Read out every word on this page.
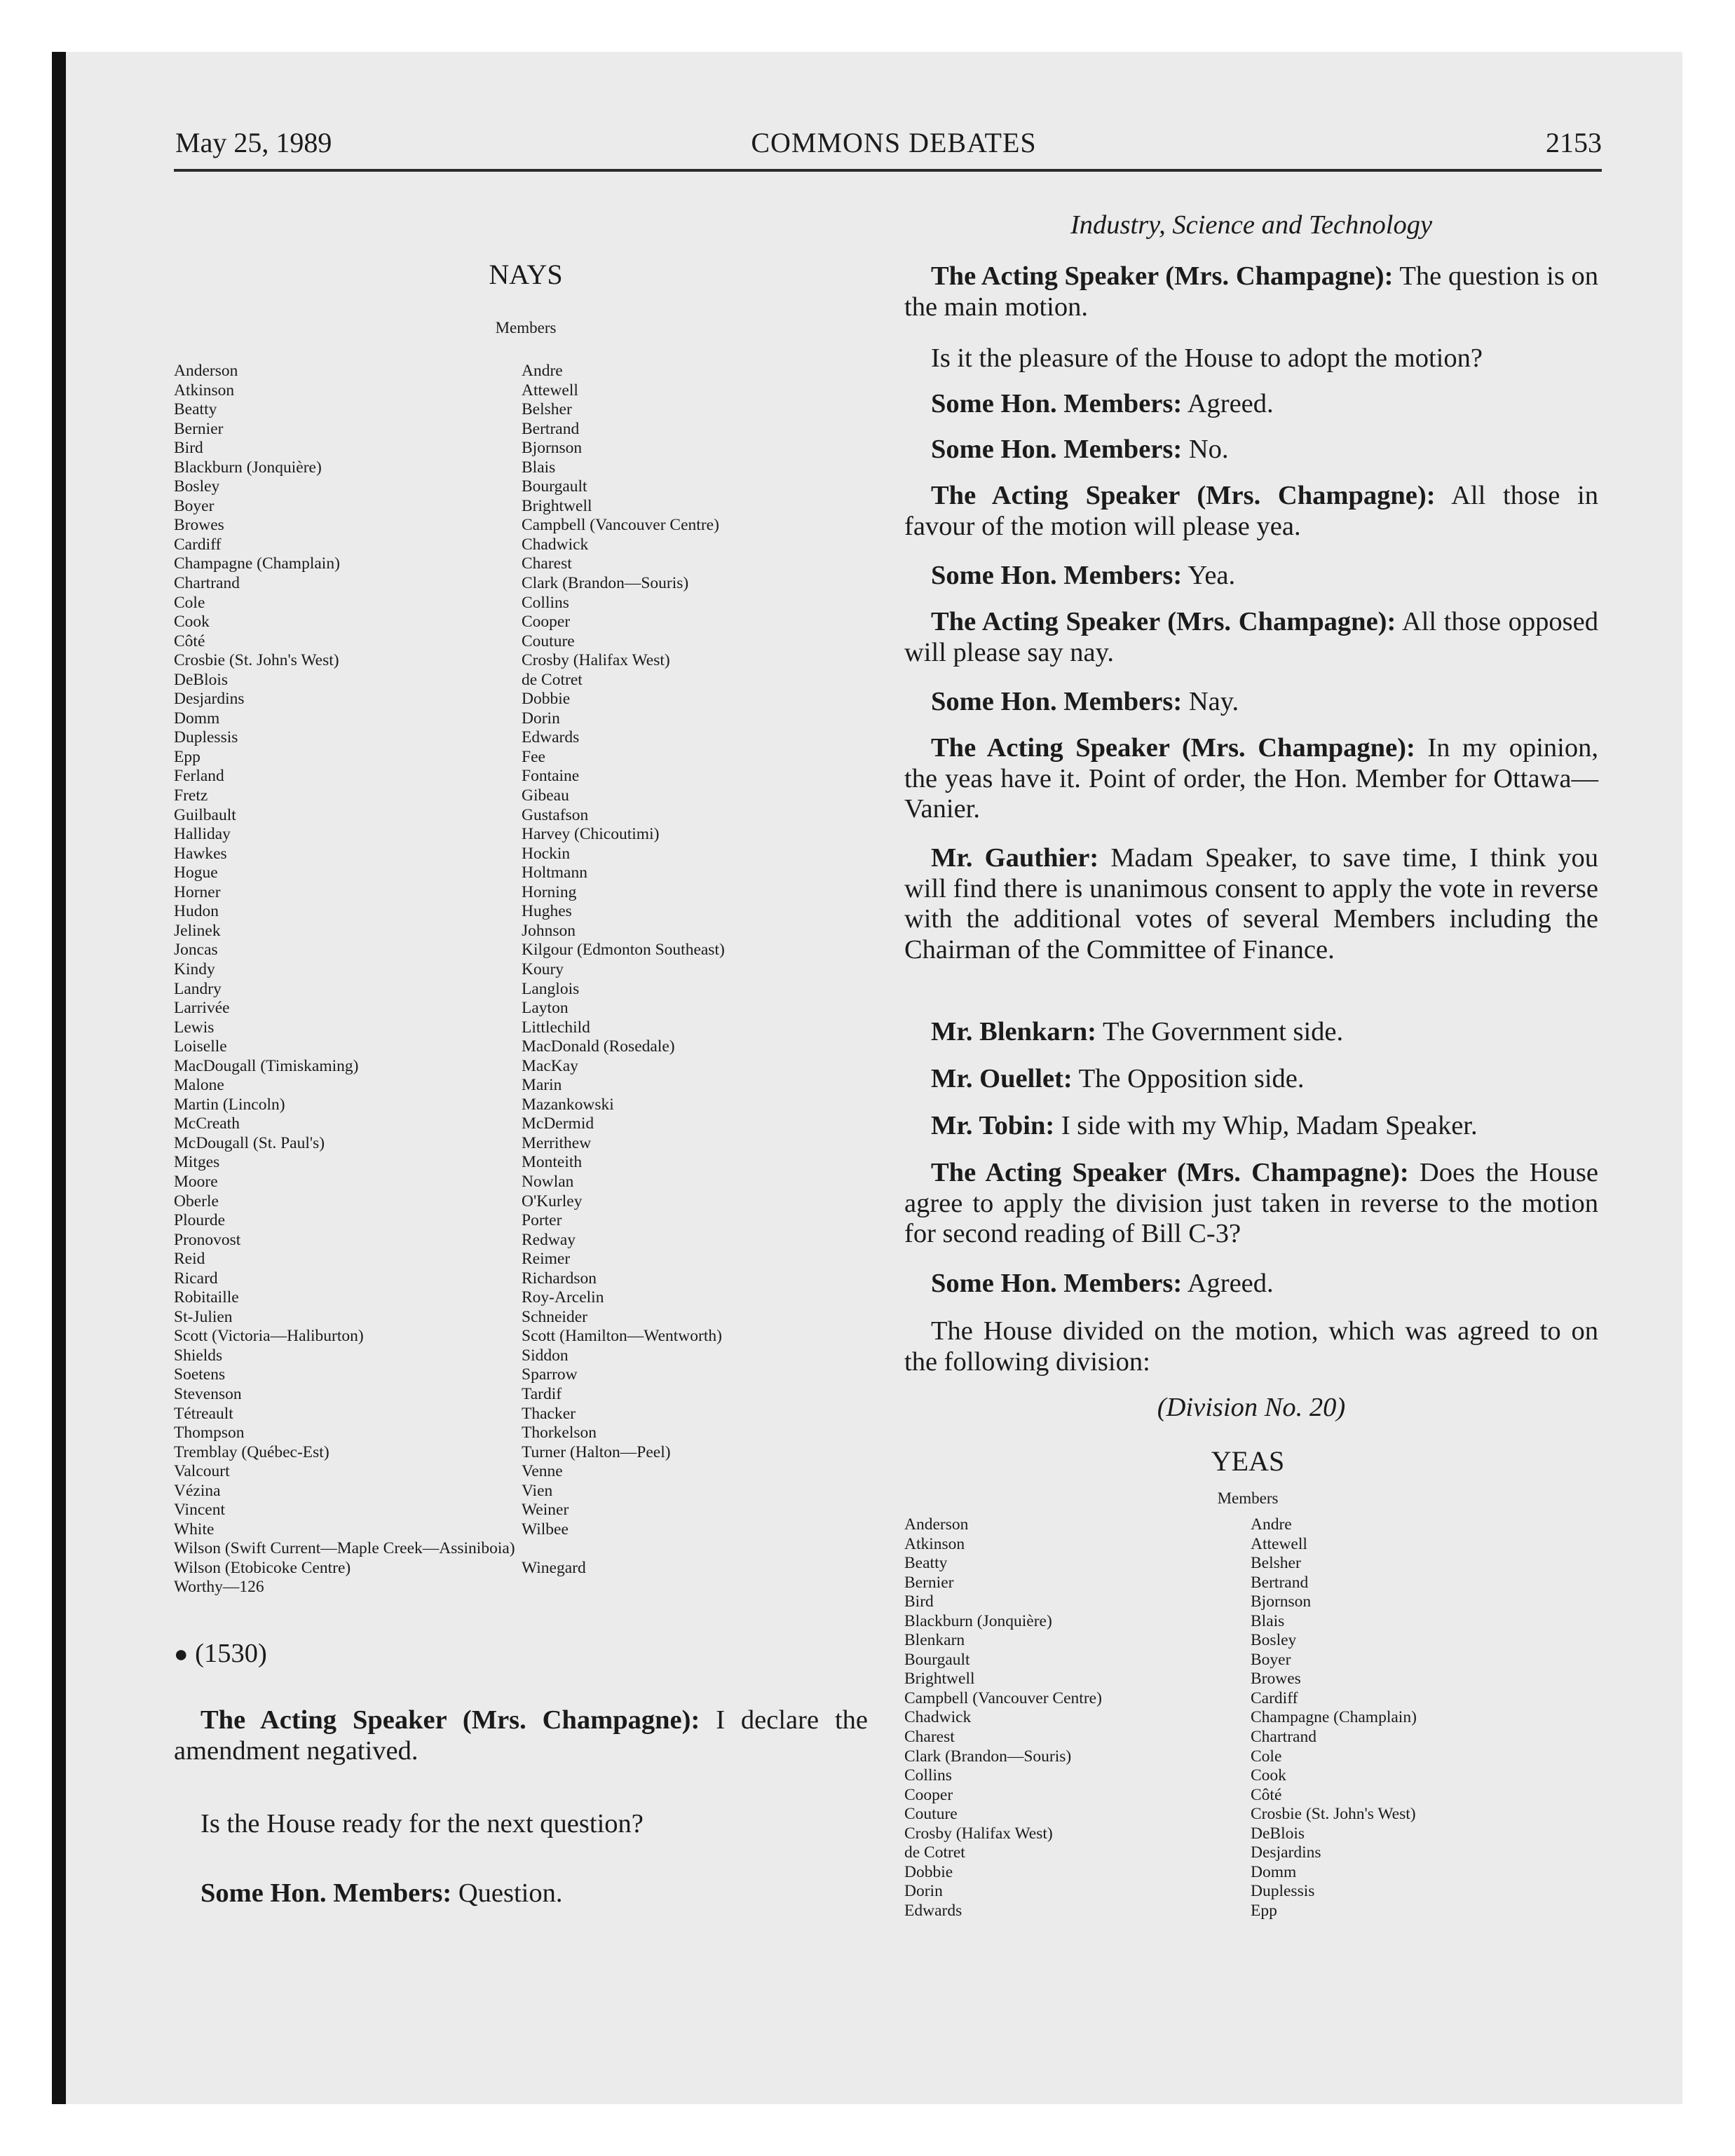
May 25, 1989	COMMONS DEBATES	2153
NAYS
Members
Anderson
Atkinson
Beatty
Bernier
Bird
Blackburn (Jonquière)
Bosley
Boyer
Browes
Cardiff
Champagne (Champlain)
Chartrand
Cole
Cook
Côté
Crosbie (St. John's West)
DeBlois
Desjardins
Domm
Duplessis
Epp
Ferland
Fretz
Guilbault
Halliday
Hawkes
Hogue
Horner
Hudon
Jelinek
Joncas
Kindy
Landry
Larrivée
Lewis
Loiselle
MacDougall (Timiskaming)
Malone
Martin (Lincoln)
McCreath
McDougall (St. Paul's)
Mitges
Moore
Oberle
Plourde
Pronovost
Reid
Ricard
Robitaille
St-Julien
Scott (Victoria—Haliburton)
Shields
Soetens
Stevenson
Tétreault
Thompson
Tremblay (Québec-Est)
Valcourt
Vézina
Vincent
White
Wilson (Swift Current—Maple Creek—Assiniboia)
Wilson (Etobicoke Centre)
Worthy—126
Andre
Attewell
Belsher
Bertrand
Bjornson
Blais
Bourgault
Brightwell
Campbell (Vancouver Centre)
Chadwick
Charest
Clark (Brandon—Souris)
Collins
Cooper
Couture
Crosby (Halifax West)
de Cotret
Dobbie
Dorin
Edwards
Fee
Fontaine
Gibeau
Gustafson
Harvey (Chicoutimi)
Hockin
Holtmann
Horning
Hughes
Johnson
Kilgour (Edmonton Southeast)
Koury
Langlois
Layton
Littlechild
MacDonald (Rosedale)
MacKay
Marin
Mazankowski
McDermid
Merrithew
Monteith
Nowlan
O'Kurley
Porter
Redway
Reimer
Richardson
Roy-Arcelin
Schneider
Scott (Hamilton—Wentworth)
Siddon
Sparrow
Tardif
Thacker
Thorkelson
Turner (Halton—Peel)
Venne
Vien
Weiner
Wilbee
Winegard
● (1530)

The Acting Speaker (Mrs. Champagne): I declare the amendment negatived.

Is the House ready for the next question?

Some Hon. Members: Question.

Industry, Science and Technology

The Acting Speaker (Mrs. Champagne): The question is on the main motion.

Is it the pleasure of the House to adopt the motion?

Some Hon. Members: Agreed.

Some Hon. Members: No.

The Acting Speaker (Mrs. Champagne): All those in favour of the motion will please yea.

Some Hon. Members: Yea.

The Acting Speaker (Mrs. Champagne): All those opposed will please say nay.

Some Hon. Members: Nay.

The Acting Speaker (Mrs. Champagne): In my opinion, the yeas have it. Point of order, the Hon. Member for Ottawa—Vanier.

Mr. Gauthier: Madam Speaker, to save time, I think you will find there is unanimous consent to apply the vote in reverse with the additional votes of several Members including the Chairman of the Committee of Finance.

Mr. Blenkarn: The Government side.

Mr. Ouellet: The Opposition side.

Mr. Tobin: I side with my Whip, Madam Speaker.

The Acting Speaker (Mrs. Champagne): Does the House agree to apply the division just taken in reverse to the motion for second reading of Bill C-3?

Some Hon. Members: Agreed.

The House divided on the motion, which was agreed to on the following division:

(Division No. 20)
YEAS
Members
Anderson
Atkinson
Beatty
Bernier
Bird
Blackburn (Jonquière)
Blenkarn
Bourgault
Brightwell
Campbell (Vancouver Centre)
Chadwick
Charest
Clark (Brandon—Souris)
Collins
Cooper
Couture
Crosby (Halifax West)
de Cotret
Dobbie
Dorin
Edwards
Andre
Attewell
Belsher
Bertrand
Bjornson
Blais
Bosley
Boyer
Browes
Cardiff
Champagne (Champlain)
Chartrand
Cole
Cook
Côté
Crosbie (St. John's West)
DeBlois
Desjardins
Domm
Duplessis
Epp
